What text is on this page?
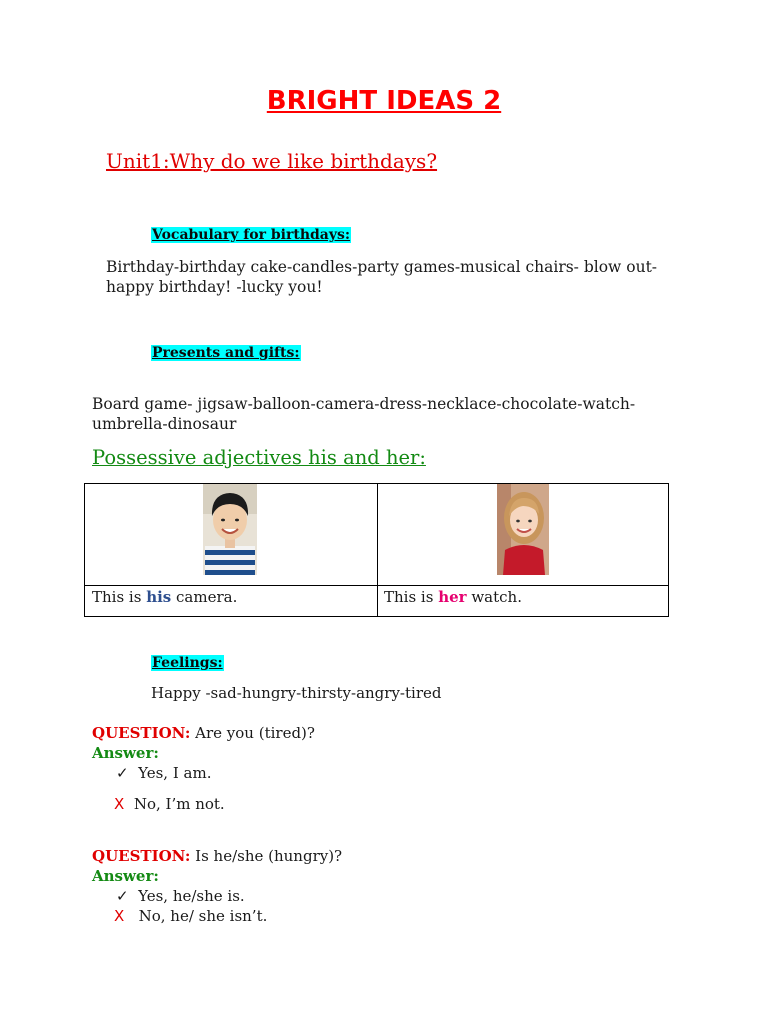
BRIGHT IDEAS 2
Unit1:Why do we like birthdays?
Vocabulary for birthdays:
Birthday-birthday cake-candles-party games-musical chairs- blow out-
happy birthday! -lucky you!
Presents and gifts:
Board game- jigsaw-balloon-camera-dress-necklace-chocolate-watch-
umbrella-dinosaur
Possessive adjectives his and her:
This is his camera.	This is her watch.
Feelings:
Happy -sad-hungry-thirsty-angry-tired
QUESTION: Are you (tired)?
Answer:
✓ Yes, I am.
X No, I’m not.
QUESTION: Is he/she (hungry)?
Answer:
✓ Yes, he/she is.
X No, he/ she isn’t.
